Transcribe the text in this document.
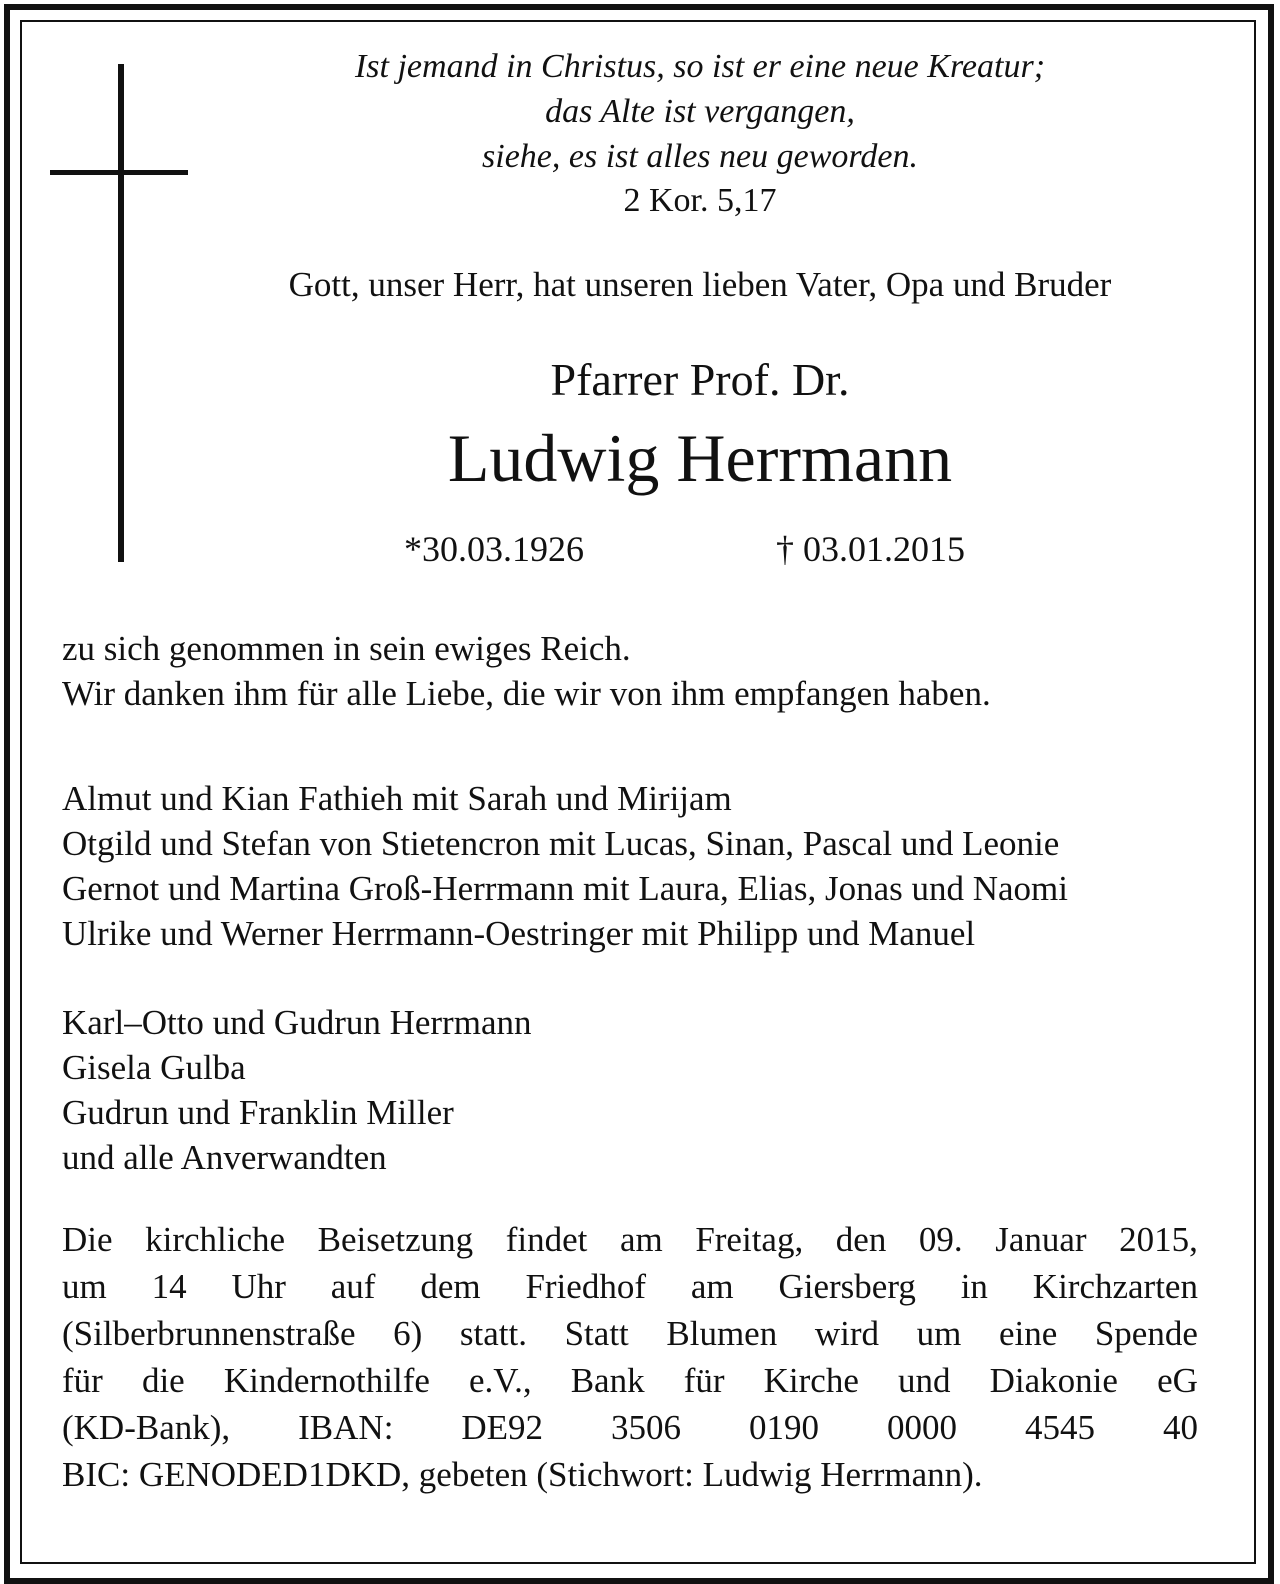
Ist jemand in Christus, so ist er eine neue Kreatur;
das Alte ist vergangen,
siehe, es ist alles neu geworden.
2 Kor. 5,17
Gott, unser Herr, hat unseren lieben Vater, Opa und Bruder
Pfarrer Prof. Dr.
Ludwig Herrmann
*30.03.1926	† 03.01.2015
zu sich genommen in sein ewiges Reich.
Wir danken ihm für alle Liebe, die wir von ihm empfangen haben.
Almut und Kian Fathieh mit Sarah und Mirijam
Otgild und Stefan von Stietencron mit Lucas, Sinan, Pascal und Leonie
Gernot und Martina Groß-Herrmann mit Laura, Elias, Jonas und Naomi
Ulrike und Werner Herrmann-Oestringer mit Philipp und Manuel
Karl–Otto und Gudrun Herrmann
Gisela Gulba
Gudrun und Franklin Miller
und alle Anverwandten
Die kirchliche Beisetzung findet am Freitag, den 09. Januar 2015,
um 14 Uhr auf dem Friedhof am Giersberg in Kirchzarten
(Silberbrunnenstraße 6) statt. Statt Blumen wird um eine Spende
für die Kindernothilfe e.V., Bank für Kirche und Diakonie eG
(KD-Bank), IBAN: DE92 3506 0190 0000 4545 40
BIC: GENODED1DKD, gebeten (Stichwort: Ludwig Herrmann).
